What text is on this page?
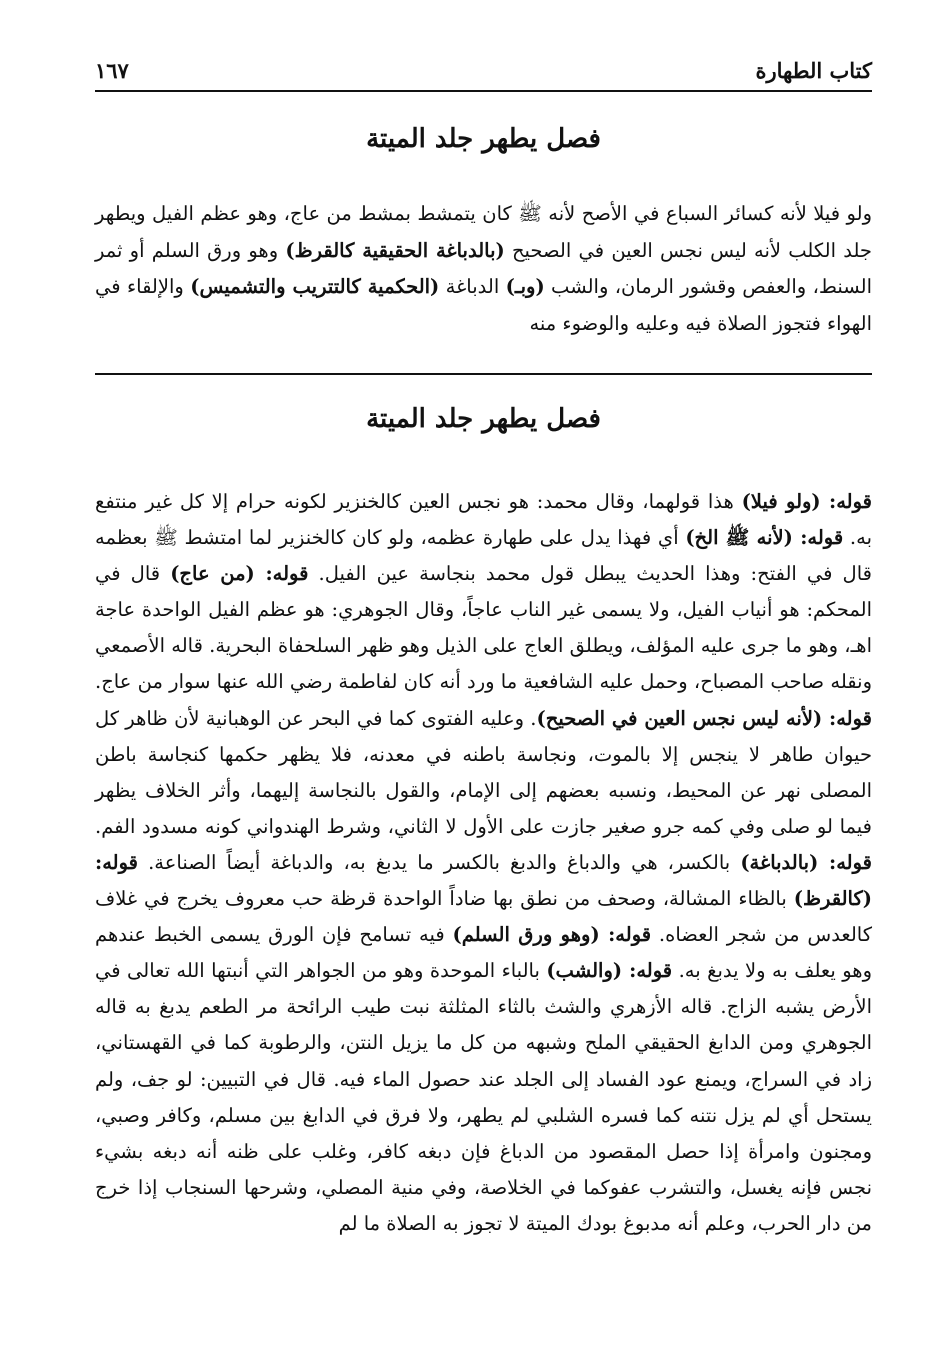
كتاب الطهارة
١٦٧
فصل يطهر جلد الميتة
ولو فيلا لأنه كسائر السباع في الأصح لأنه ﷺ كان يتمشط بمشط من عاج، وهو عظم الفيل ويطهر جلد الكلب لأنه ليس نجس العين في الصحيح (بالدباغة الحقيقية كالقرظ) وهو ورق السلم أو ثمر السنط، والعفص وقشور الرمان، والشب (وبـ) الدباغة (الحكمية كالتتريب والتشميس) والإلقاء في الهواء فتجوز الصلاة فيه وعليه والوضوء منه
فصل يطهر جلد الميتة
قوله: (ولو فيلا) هذا قولهما، وقال محمد: هو نجس العين كالخنزير لكونه حرام إلا كل غير منتفع به. قوله: (لأنه ﷺ الخ) أي فهذا يدل على طهارة عظمه، ولو كان كالخنزير لما امتشط ﷺ بعظمه قال في الفتح: وهذا الحديث يبطل قول محمد بنجاسة عين الفيل. قوله: (من عاج) قال في المحكم: هو أنياب الفيل، ولا يسمى غير الناب عاجاً، وقال الجوهري: هو عظم الفيل الواحدة عاجة اهـ، وهو ما جرى عليه المؤلف، ويطلق العاج على الذيل وهو ظهر السلحفاة البحرية. قاله الأصمعي ونقله صاحب المصباح، وحمل عليه الشافعية ما ورد أنه كان لفاطمة رضي الله عنها سوار من عاج. قوله: (لأنه ليس نجس العين في الصحيح). وعليه الفتوى كما في البحر عن الوهبانية لأن ظاهر كل حيوان طاهر لا ينجس إلا بالموت، ونجاسة باطنه في معدنه، فلا يظهر حكمها كنجاسة باطن المصلى نهر عن المحيط، ونسبه بعضهم إلى الإمام، والقول بالنجاسة إليهما، وأثر الخلاف يظهر فيما لو صلى وفي كمه جرو صغير جازت على الأول لا الثاني، وشرط الهندواني كونه مسدود الفم. قوله: (بالدباغة) بالكسر، هي والدباغ والدبغ بالكسر ما يدبغ به، والدباغة أيضاً الصناعة. قوله: (كالقرظ) بالظاء المشالة، وصحف من نطق بها ضاداً الواحدة قرظة حب معروف يخرج في غلاف كالعدس من شجر العضاه. قوله: (وهو ورق السلم) فيه تسامح فإن الورق يسمى الخبط عندهم وهو يعلف به ولا يدبغ به. قوله: (والشب) بالباء الموحدة وهو من الجواهر التي أنبتها الله تعالى في الأرض يشبه الزاج. قاله الأزهري والشث بالثاء المثلثة نبت طيب الرائحة مر الطعم يدبغ به قاله الجوهري ومن الدابغ الحقيقي الملح وشبهه من كل ما يزيل النتن، والرطوبة كما في القهستاني، زاد في السراج، ويمنع عود الفساد إلى الجلد عند حصول الماء فيه. قال في التبيين: لو جف، ولم يستحل أي لم يزل نتنه كما فسره الشلبي لم يطهر، ولا فرق في الدابغ بين مسلم، وكافر وصبي، ومجنون وامرأة إذا حصل المقصود من الدباغ فإن دبغه كافر، وغلب على ظنه أنه دبغه بشيء نجس فإنه يغسل، والتشرب عفوكما في الخلاصة، وفي منية المصلي، وشرحها السنجاب إذا خرج من دار الحرب، وعلم أنه مدبوغ بودك الميتة لا تجوز به الصلاة ما لم
